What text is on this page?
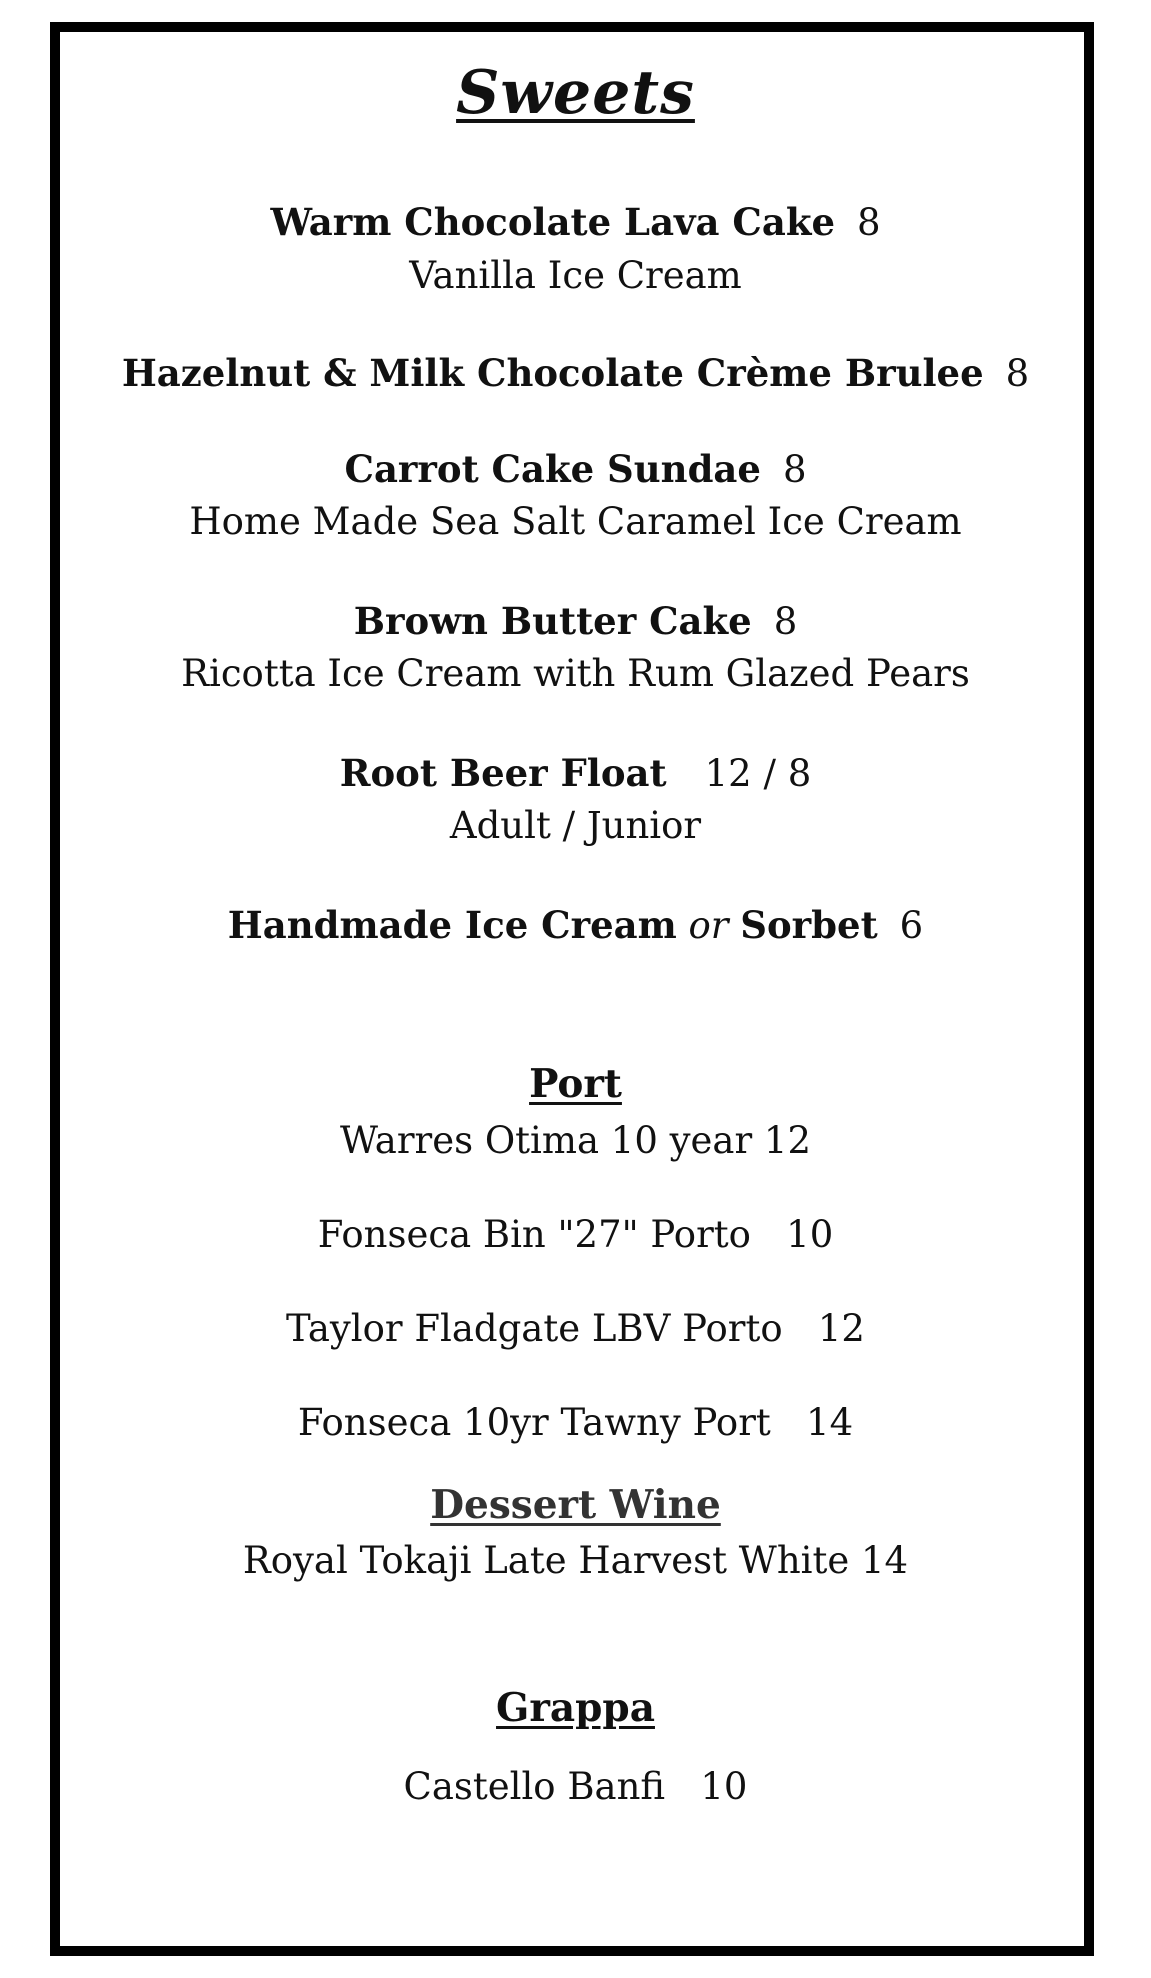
Sweets
Warm Chocolate Lava Cake 8
Vanilla Ice Cream
Hazelnut & Milk Chocolate Crème Brulee 8
Carrot Cake Sundae 8
Home Made Sea Salt Caramel Ice Cream
Brown Butter Cake 8
Ricotta Ice Cream with Rum Glazed Pears
Root Beer Float 12 / 8
Adult / Junior
Handmade Ice Cream or Sorbet 6
Port
Warres Otima 10 year 12
Fonseca Bin "27" Porto   10
Taylor Fladgate LBV Porto   12
Fonseca 10yr Tawny Port   14
Dessert Wine
Royal Tokaji Late Harvest White 14
Grappa
Castello Banfi   10
